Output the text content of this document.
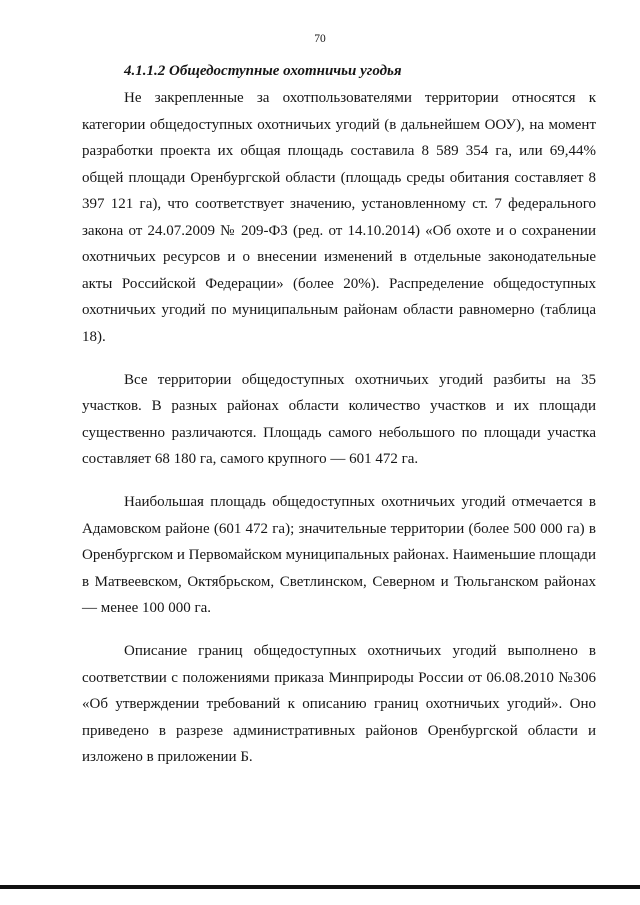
70
4.1.1.2 Общедоступные охотничьи угодья

Не закрепленные за охотпользователями территории относятся к категории общедоступных охотничьих угодий (в дальнейшем ООУ), на момент разработки проекта их общая площадь составила 8 589 354 га, или 69,44% общей площади Оренбургской области (площадь среды обитания составляет 8 397 121 га), что соответствует значению, установленному ст. 7 федерального закона от 24.07.2009 № 209-ФЗ (ред. от 14.10.2014) «Об охоте и о сохранении охотничьих ресурсов и о внесении изменений в отдельные законодательные акты Российской Федерации» (более 20%). Распределение общедоступных охотничьих угодий по муниципальным районам области равномерно (таблица 18).

Все территории общедоступных охотничьих угодий разбиты на 35 участков. В разных районах области количество участков и их площади существенно различаются. Площадь самого небольшого по площади участка составляет 68 180 га, самого крупного — 601 472 га.

Наибольшая площадь общедоступных охотничьих угодий отмечается в Адамовском районе (601 472 га); значительные территории (более 500 000 га) в Оренбургском и Первомайском муниципальных районах. Наименьшие площади в Матвеевском, Октябрьском, Светлинском, Северном и Тюльганском районах — менее 100 000 га.

Описание границ общедоступных охотничьих угодий выполнено в соответствии с положениями приказа Минприроды России от 06.08.2010 №306 «Об утверждении требований к описанию границ охотничьих угодий». Оно приведено в разрезе административных районов Оренбургской области и изложено в приложении Б.
